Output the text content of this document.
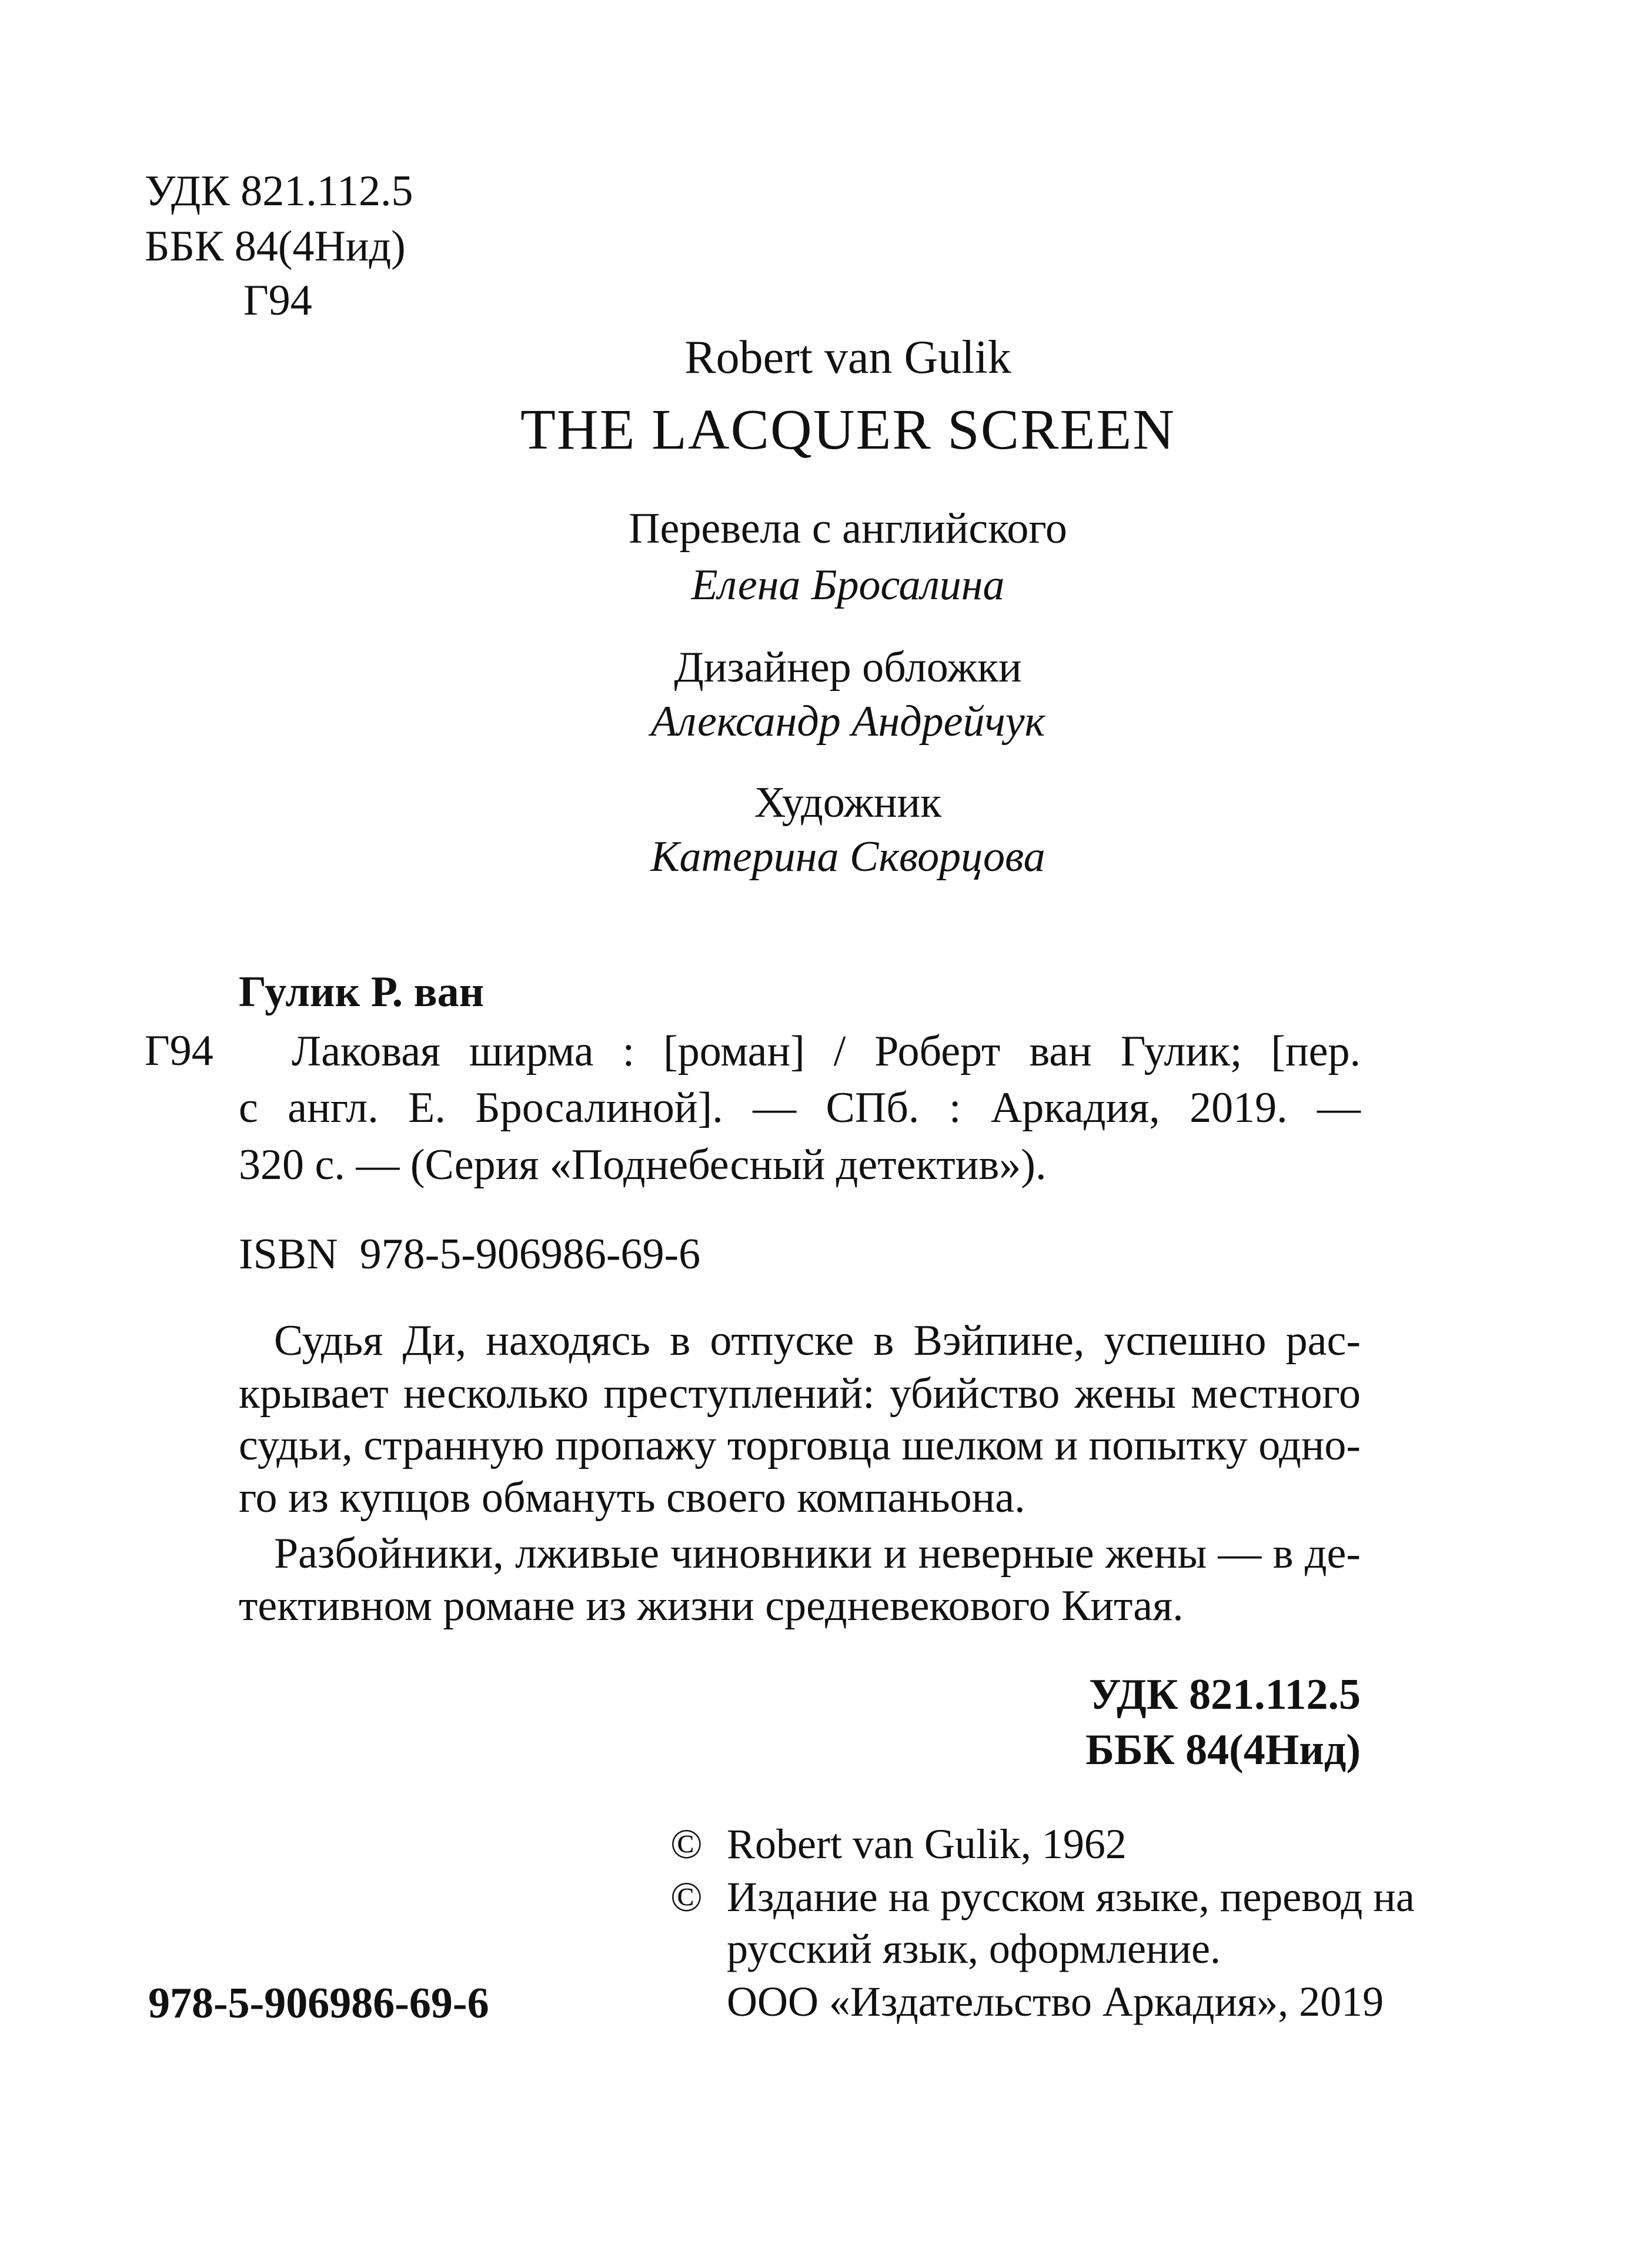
УДК 821.112.5
ББК 84(4Нид)
Г94
Robert van Gulik
THE LACQUER SCREEN
Перевела с английского
Елена Бросалина
Дизайнер обложки
Александр Андрейчук
Художник
Катерина Скворцова
Гулик Р. ван
Г94 Лаковая ширма : [роман] / Роберт ван Гулик; [пер.
с англ. Е. Бросалиной]. — СПб. : Аркадия, 2019. —
320 с. — (Серия «Поднебесный детектив»).
ISBN 978-5-906986-69-6
Судья Ди, находясь в отпуске в Вэйпине, успешно рас-
крывает несколько преступлений: убийство жены местного
судьи, странную пропажу торговца шелком и попытку одно-
го из купцов обмануть своего компаньона.
Разбойники, лживые чиновники и неверные жены — в де-
тективном романе из жизни средневекового Китая.
УДК 821.112.5
ББК 84(4Нид)
© Robert van Gulik, 1962
© Издание на русском языке, перевод на
русский язык, оформление.
ООО «Издательство Аркадия», 2019
978-5-906986-69-6
